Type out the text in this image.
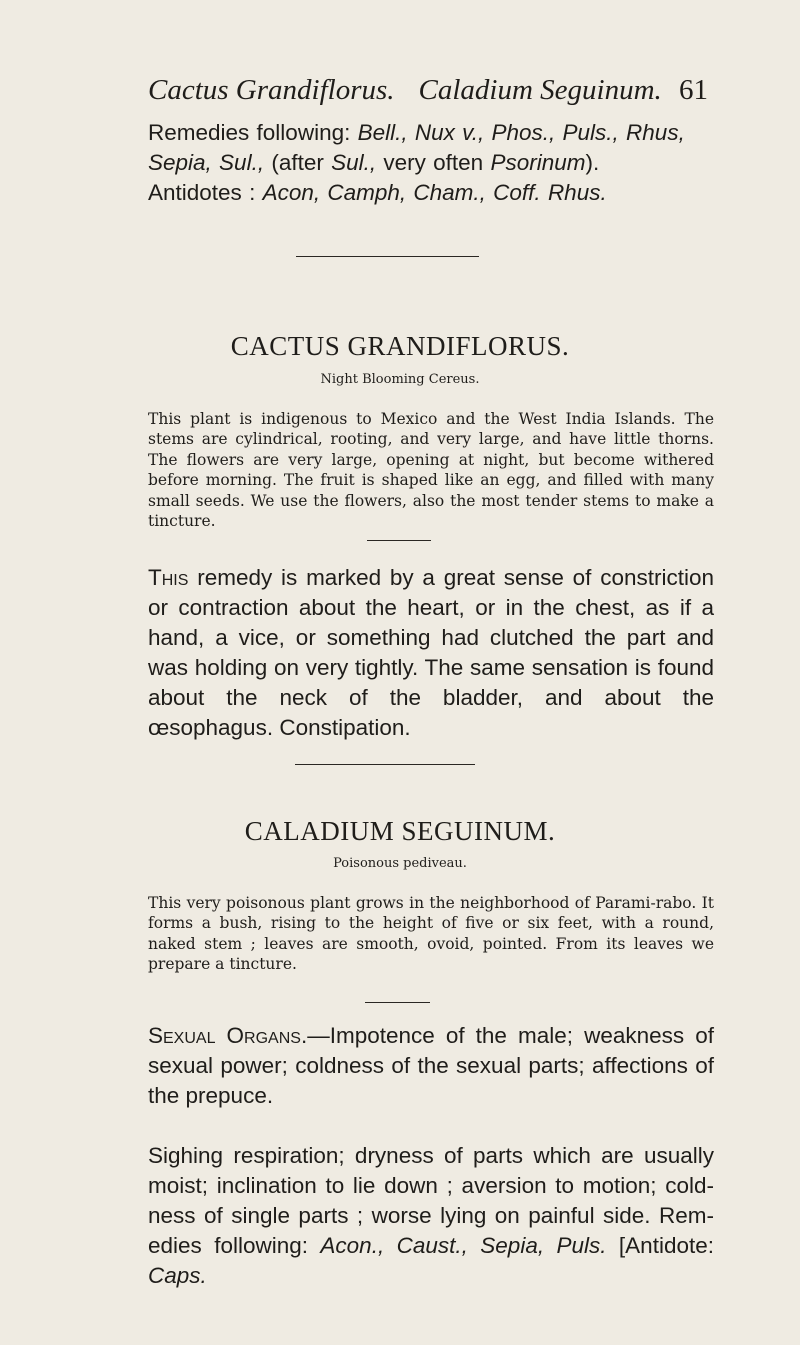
Cactus Grandiflorus. Caladium Seguinum. 61

Remedies following: Bell., Nux v., Phos., Puls., Rhus, Sepia, Sul., (after Sul., very often Psorinum).
Antidotes : Acon, Camph, Cham., Coff. Rhus.

CACTUS GRANDIFLORUS.
Night Blooming Cereus.

This plant is indigenous to Mexico and the West India Islands. The stems are cylindrical, rooting, and very large, and have little thorns. The flowers are very large, opening at night, but become withered before morning. The fruit is shaped like an egg, and filled with many small seeds. We use the flowers, also the most tender stems to make a tincture.

This remedy is marked by a great sense of constriction or contraction about the heart, or in the chest, as if a hand, a vice, or something had clutched the part and was holding on very tightly. The same sensation is found about the neck of the bladder, and about the œsophagus. Constipation.

CALADIUM SEGUINUM.
Poisonous pediveau.

This very poisonous plant grows in the neighborhood of Parami-rabo. It forms a bush, rising to the height of five or six feet, with a round, naked stem ; leaves are smooth, ovoid, pointed. From its leaves we prepare a tincture.

Sexual Organs.—Impotence of the male; weakness of sexual power; coldness of the sexual parts; affections of the prepuce.

Sighing respiration; dryness of parts which are usually moist; inclination to lie down ; aversion to motion; cold-ness of single parts ; worse lying on painful side. Rem-edies following: Acon., Caust., Sepia, Puls. [Antidote: Caps.
